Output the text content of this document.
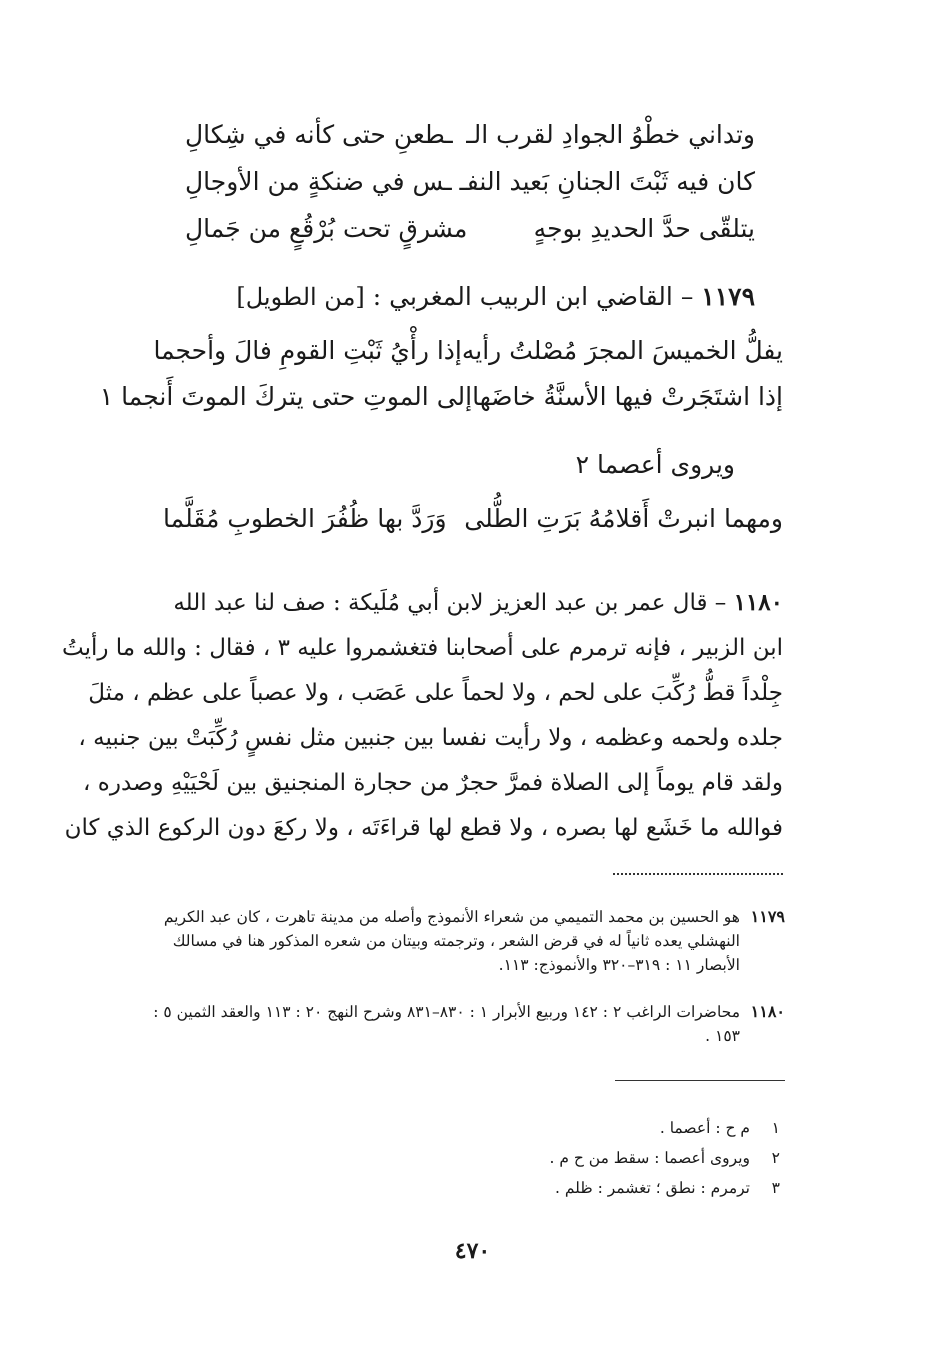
وتداني خطْوُ الجوادِ لقرب الـ
ـطعنِ حتى كأنه في شِكالِ
كان فيه ثَبْتَ الجنانِ بَعيد النفـ
ـس في ضنكةٍ من الأوجالِ
يتلقّى حدَّ الحديدِ بوجهٍ
مشرقٍ تحت بُرْقُعٍ من جَمالِ
١١٧٩ – القاضي ابن الربيب المغربي : [من الطويل]
يفلُّ الخميسَ المجرَ مُصْلتُ رأيه
إذا رأْيُ ثَبْتِ القومِ فالَ وأحجما
إذا اشتَجَرتْ فيها الأسنَّةُ خاضَها
إلى الموتِ حتى يتركَ الموتَ أَنجما ١
ويروى أعصما ٢
ومهما انبرتْ أَقلامُهُ بَرَتِ الطُّلى
وَرَدَّ بها ظُفُرَ الخطوبِ مُقَلَّما
١١٨٠ – قال عمر بن عبد العزيز لابن أبي مُلَيكة : صف لنا عبد الله
ابن الزبير ، فإنه ترمرم على أصحابنا فتغشمروا عليه ٣ ، فقال : والله ما رأيتُ
جِلْداً قطُّ رُكِّبَ على لحم ، ولا لحماً على عَصَب ، ولا عصباً على عظم ، مثلَ
جلده ولحمه وعظمه ، ولا رأيت نفسا بين جنبين مثل نفسٍ رُكِّبَتْ بين جنبيه ،
ولقد قام يوماً إلى الصلاة فمرَّ حجرٌ من حجارة المنجنيق بين لَحْيَيْهِ وصدره ،
فوالله ما خَشَع لها بصره ، ولا قطع لها قراءَتَه ، ولا ركعَ دون الركوع الذي كان
١١٧٩
هو الحسين بن محمد التميمي من شعراء الأنموذج وأصله من مدينة تاهرت ، كان عبد الكريم النهشلي يعده ثانياً له في قرض الشعر ، وترجمته وبيتان من شعره المذكور هنا في مسالك الأبصار ١١ : ٣١٩–٣٢٠ والأنموذج: ١١٣.
١١٨٠
محاضرات الراغب ٢ : ١٤٢ وربيع الأبرار ١ : ٨٣٠–٨٣١ وشرح النهج ٢٠ : ١١٣ والعقد الثمين ٥ : ١٥٣ .
١م ح : أعصما .
٢ويروى أعصما : سقط من ح م .
٣ترمرم : نطق ؛ تغشمر : ظلم .
٤٧٠
